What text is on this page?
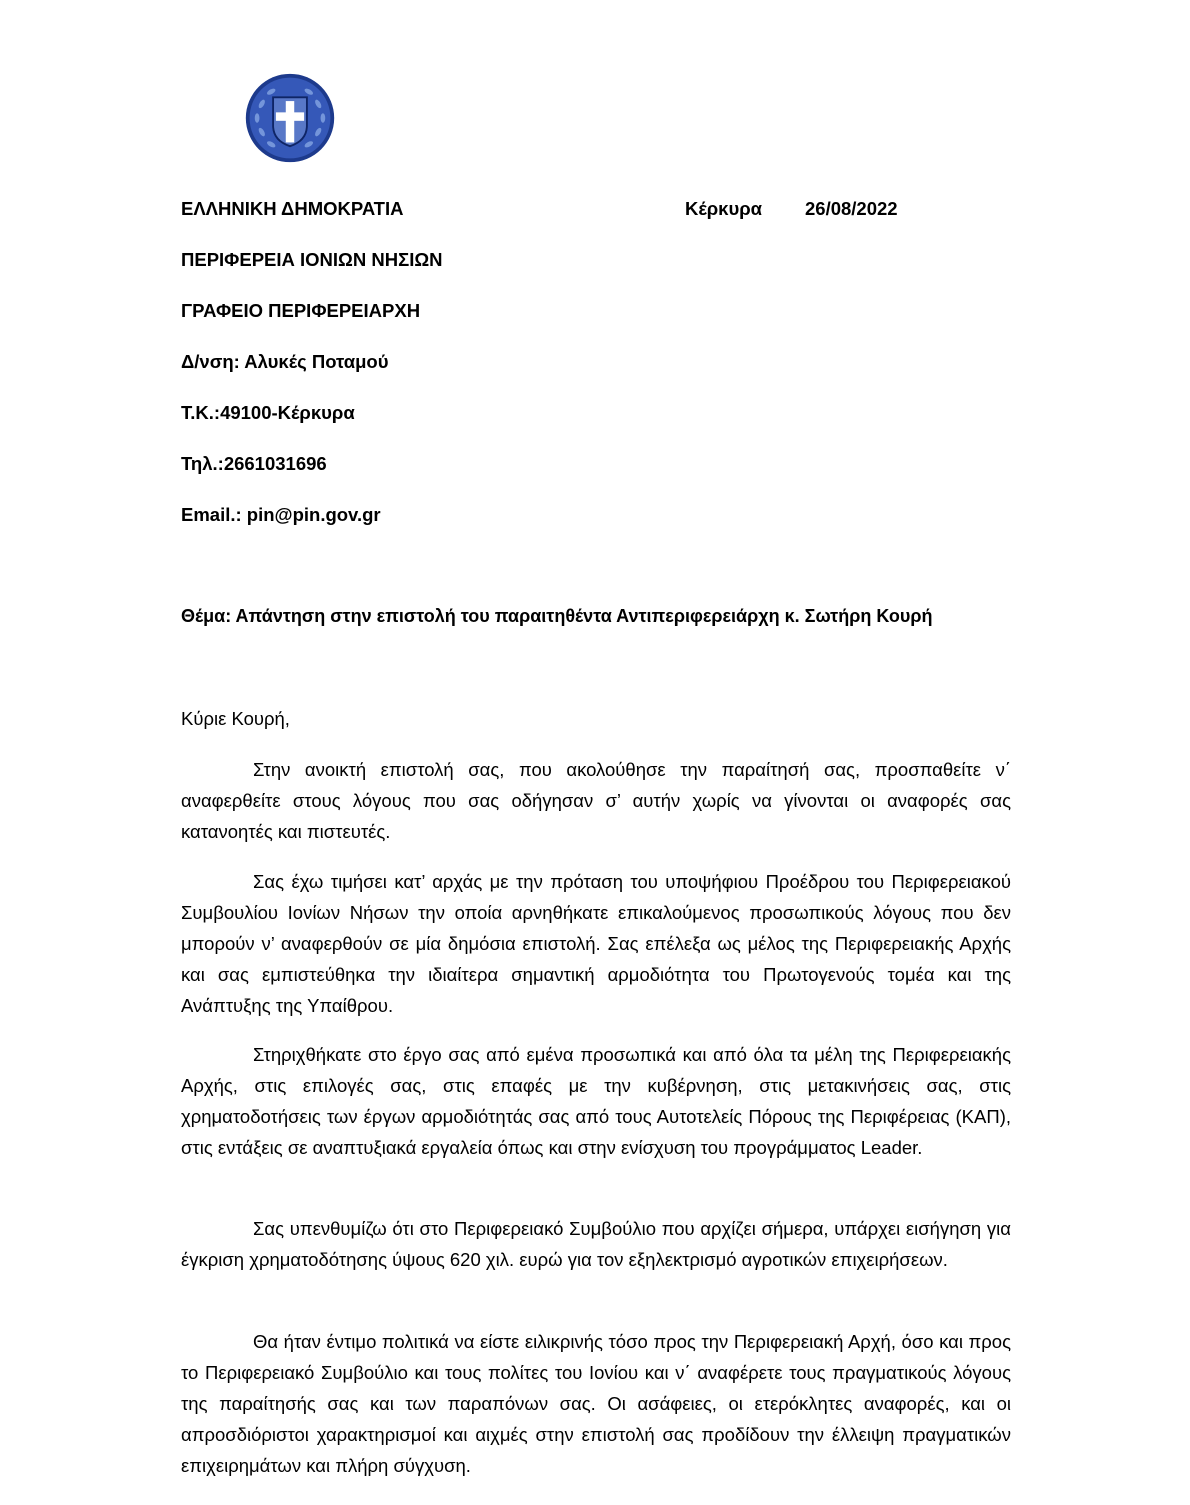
ΕΛΛΗΝΙΚΗ ΔΗΜΟΚΡΑΤΙΑ	Κέρκυρα 26/08/2022
ΠΕΡΙΦΕΡΕΙΑ ΙΟΝΙΩΝ ΝΗΣΙΩΝ
ΓΡΑΦΕΙΟ ΠΕΡΙΦΕΡΕΙΑΡΧΗ
Δ/νση: Αλυκές Ποταμού
Τ.Κ.:49100-Κέρκυρα
Τηλ.:2661031696
Email.: pin@pin.gov.gr
Θέμα: Απάντηση στην επιστολή του παραιτηθέντα Αντιπεριφερειάρχη κ. Σωτήρη Κουρή
Κύριε Κουρή,

Στην ανοικτή επιστολή σας, που ακολούθησε την παραίτησή σας, προσπαθείτε ν΄ αναφερθείτε στους λόγους που σας οδήγησαν σ’ αυτήν χωρίς να γίνονται οι αναφορές σας κατανοητές και πιστευτές.

Σας έχω τιμήσει κατ’ αρχάς με την πρόταση του υποψήφιου Προέδρου του Περιφερειακού Συμβουλίου Ιονίων Νήσων την οποία αρνηθήκατε επικαλούμενος προσωπικούς λόγους που δεν μπορούν ν’ αναφερθούν σε μία δημόσια επιστολή. Σας επέλεξα ως μέλος της Περιφερειακής Αρχής και σας εμπιστεύθηκα την ιδιαίτερα σημαντική αρμοδιότητα του Πρωτογενούς τομέα και της Ανάπτυξης της Υπαίθρου.

Στηριχθήκατε στο έργο σας από εμένα προσωπικά και από όλα τα μέλη της Περιφερειακής Αρχής, στις επιλογές σας, στις επαφές με την κυβέρνηση, στις μετακινήσεις σας, στις χρηματοδοτήσεις των έργων αρμοδιότητάς σας από τους Αυτοτελείς Πόρους της Περιφέρειας (ΚΑΠ), στις εντάξεις σε αναπτυξιακά εργαλεία όπως και στην ενίσχυση του προγράμματος Leader.

Σας υπενθυμίζω ότι στο Περιφερειακό Συμβούλιο που αρχίζει σήμερα, υπάρχει εισήγηση για έγκριση χρηματοδότησης ύψους 620 χιλ. ευρώ για τον εξηλεκτρισμό αγροτικών επιχειρήσεων.

Θα ήταν έντιμο πολιτικά να είστε ειλικρινής τόσο προς την Περιφερειακή Αρχή, όσο και προς το Περιφερειακό Συμβούλιο και τους πολίτες του Ιονίου και ν΄ αναφέρετε τους πραγματικούς λόγους της παραίτησής σας και των παραπόνων σας. Οι ασάφειες, οι ετερόκλητες αναφορές, και οι απροσδιόριστοι χαρακτηρισμοί και αιχμές στην επιστολή σας προδίδουν την έλλειψη πραγματικών επιχειρημάτων και πλήρη σύγχυση.
